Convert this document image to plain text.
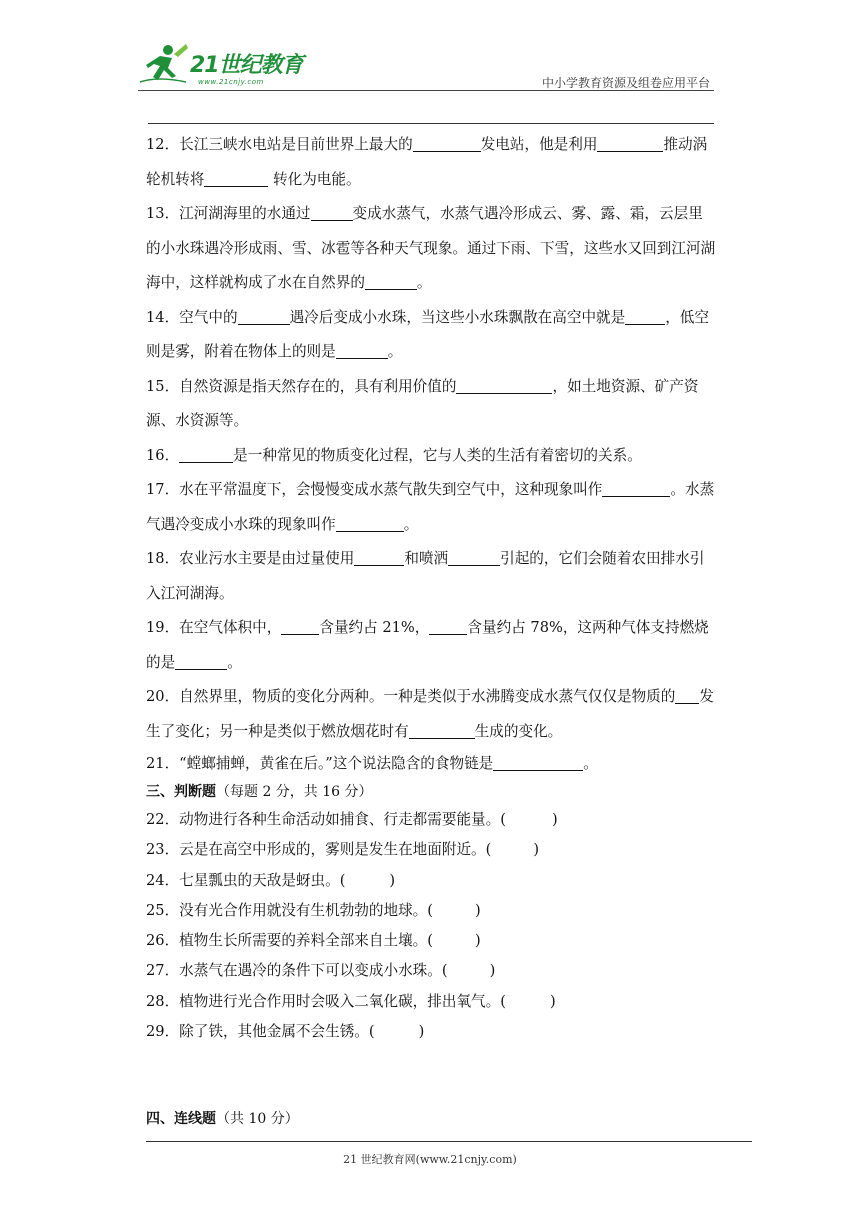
21世纪教育
www.21cnjy.com	中小学教育资源及组卷应用平台

12．长江三峡水电站是目前世界上最大的	发电站，他是利用	推动涡轮机转将	转化为电能。

13．江河湖海里的水通过	变成水蒸气，水蒸气遇冷形成云、雾、露、霜，云层里的小水珠遇冷形成雨、雪、冰雹等各种天气现象。通过下雨、下雪，这些水又回到江河湖海中，这样就构成了水在自然界的	。

14．空气中的	遇冷后变成小水珠，当这些小水珠飘散在高空中就是	，低空则是雾，附着在物体上的则是	。

15．自然资源是指天然存在的，具有利用价值的	，如土地资源、矿产资源、水资源等。

16．	是一种常见的物质变化过程，它与人类的生活有着密切的关系。

17．水在平常温度下，会慢慢变成水蒸气散失到空气中，这种现象叫作	。水蒸气遇冷变成小水珠的现象叫作	。

18．农业污水主要是由过量使用	和喷洒	引起的，它们会随着农田排水引入江河湖海。

19．在空气体积中，	含量约占 21%，	含量约占 78%，这两种气体支持燃烧的是	。

20．自然界里，物质的变化分两种。一种是类似于水沸腾变成水蒸气仅仅是物质的 发生了变化；另一种是类似于燃放烟花时有	生成的变化。

21．“螳螂捕蝉，黄雀在后。”这个说法隐含的食物链是	。

三、判断题（每题 2 分，共 16 分）

22．动物进行各种生命活动如捕食、行走都需要能量。(	)

23．云是在高空中形成的，雾则是发生在地面附近。(	)

24．七星瓢虫的天敌是蚜虫。(	)

25．没有光合作用就没有生机勃勃的地球。(	)

26．植物生长所需要的养料全部来自土壤。(	)

27．水蒸气在遇冷的条件下可以变成小水珠。(	)

28．植物进行光合作用时会吸入二氧化碳，排出氧气。(	)

29．除了铁，其他金属不会生锈。(	)

四、连线题（共 10 分）
21 世纪教育网(www.21cnjy.com)
